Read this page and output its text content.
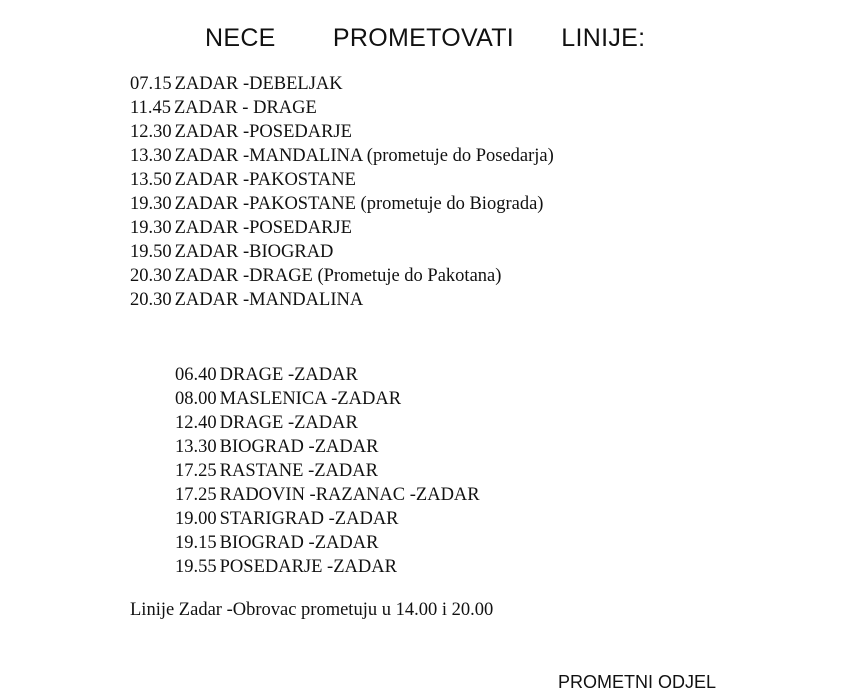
NECE PROMETOVATI LINIJE:
07.15 ZADAR -DEBELJAK
11.45 ZADAR - DRAGE
12.30 ZADAR -POSEDARJE
13.30 ZADAR -MANDALINA (prometuje do Posedarja)
13.50 ZADAR -PAKOSTANE
19.30 ZADAR -PAKOSTANE (prometuje do Biograda)
19.30 ZADAR -POSEDARJE
19.50 ZADAR -BIOGRAD
20.30 ZADAR -DRAGE (Prometuje do Pakotana)
20.30 ZADAR -MANDALINA
06.40 DRAGE -ZADAR
08.00 MASLENICA -ZADAR
12.40 DRAGE -ZADAR
13.30 BIOGRAD -ZADAR
17.25 RASTANE -ZADAR
17.25 RADOVIN -RAZANAC -ZADAR
19.00 STARIGRAD -ZADAR
19.15 BIOGRAD -ZADAR
19.55 POSEDARJE -ZADAR
Linije Zadar -Obrovac prometuju u 14.00 i 20.00
PROMETNI ODJEL
